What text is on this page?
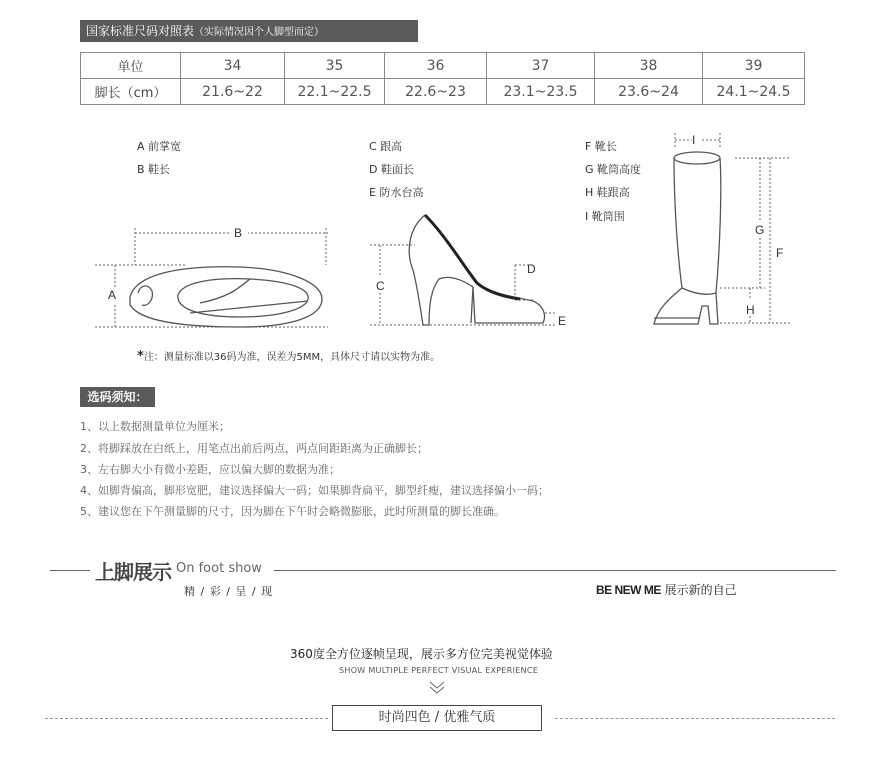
国家标准尺码对照表（实际情况因个人脚型而定）
单位	34	35	36	37	38	39
脚长（cm）	21.6~22	22.1~22.5	22.6~23	23.1~23.5	23.6~24	24.1~24.5
A 前掌宽
B 鞋长
C 跟高
D 鞋面长
E 防水台高
F 靴长
G 靴筒高度
H 鞋跟高
I 靴筒围
B
A
C
D
E
I
G
F
H
*注：测量标准以36码为准，误差为5MM，具体尺寸请以实物为准。
选码须知：
1、以上数据测量单位为厘米；
2、将脚踩放在白纸上，用笔点出前后两点，两点间距距离为正确脚长；
3、左右脚大小有微小差距，应以偏大脚的数据为准；
4、如脚背偏高，脚形宽肥，建议选择偏大一码；如果脚背扁平，脚型纤瘦，建议选择偏小一码；
5、建议您在下午测量脚的尺寸，因为脚在下午时会略微膨胀，此时所测量的脚长准确。
上脚展示 On foot show
精 / 彩 / 呈 / 现	BE NEW ME 展示新的自己
360度全方位逐帧呈现，展示多方位完美视觉体验
SHOW MULTIPLE PERFECT VISUAL EXPERIENCE
时尚四色 / 优雅气质
